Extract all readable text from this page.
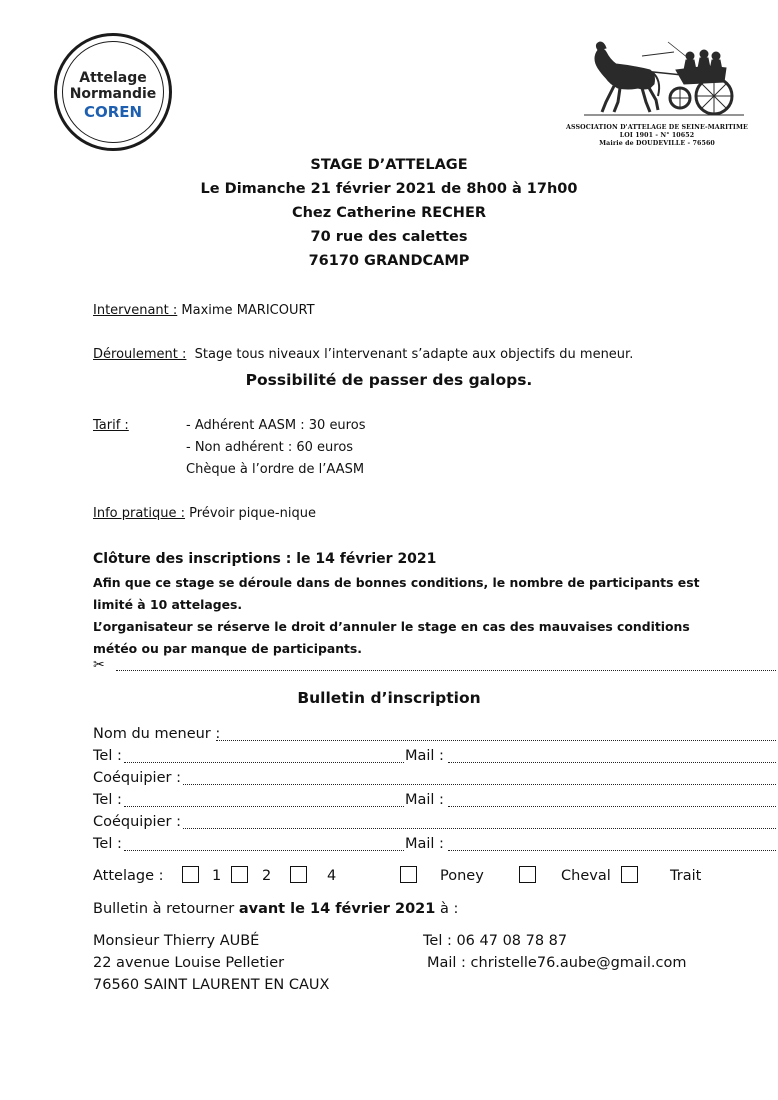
Attelage
Normandie
COREN
ASSOCIATION D'ATTELAGE DE SEINE-MARITIME
LOI 1901 - N° 10652
Mairie de DOUDEVILLE - 76560
STAGE D’ATTELAGE
Le Dimanche 21 février 2021 de 8h00 à 17h00
Chez Catherine RECHER
70 rue des calettes
76170 GRANDCAMP
Intervenant : Maxime MARICOURT
Déroulement : Stage tous niveaux l’intervenant s’adapte aux objectifs du meneur.
Possibilité de passer des galops.
Tarif :	- Adhérent AASM : 30 euros
- Non adhérent : 60 euros
Chèque à l’ordre de l’AASM
Info pratique : Prévoir pique-nique
Clôture des inscriptions : le 14 février 2021
Afin que ce stage se déroule dans de bonnes conditions, le nombre de participants est
limité à 10 attelages.
L’organisateur se réserve le droit d’annuler le stage en cas des mauvaises conditions
météo ou par manque de participants.
✂
Bulletin d’inscription
Nom du meneur :
Tel :	Mail :
Coéquipier :
Tel :	Mail :
Coéquipier :
Tel :	Mail :
Attelage :	1	2	4	Poney	Cheval	Trait
Bulletin à retourner avant le 14 février 2021 à :
Monsieur Thierry AUBÉ
22 avenue Louise Pelletier
76560 SAINT LAURENT EN CAUX
Tel : 06 47 08 78 87
Mail : christelle76.aube@gmail.com
